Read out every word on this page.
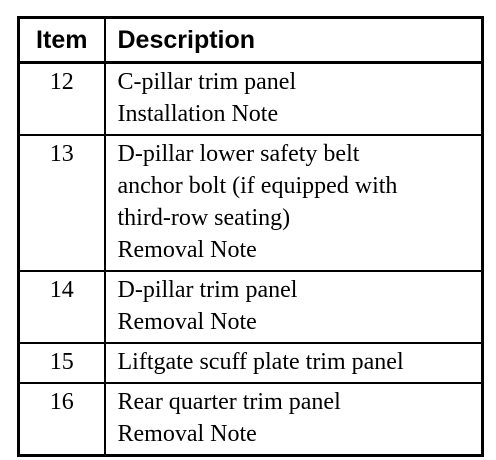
Item	Description
12	C-pillar trim panel
Installation Note

13	D-pillar lower safety belt
anchor bolt (if equipped with
third-row seating)
Removal Note

14	D-pillar trim panel
Removal Note

15	Liftgate scuff plate trim panel

16	Rear quarter trim panel
Removal Note
